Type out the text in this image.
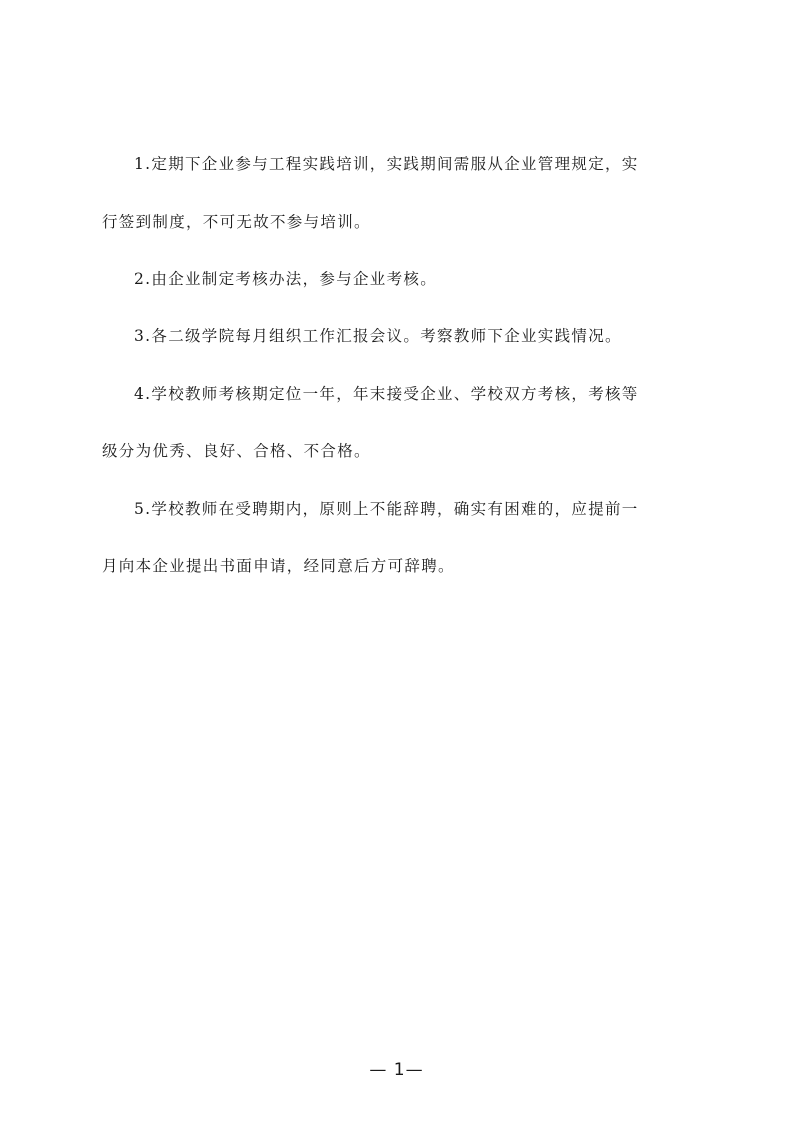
1.定期下企业参与工程实践培训，实践期间需服从企业管理规定，实
行签到制度，不可无故不参与培训。
2.由企业制定考核办法，参与企业考核。
3.各二级学院每月组织工作汇报会议。考察教师下企业实践情况。
4.学校教师考核期定位一年，年末接受企业、学校双方考核，考核等
级分为优秀、良好、合格、不合格。
5.学校教师在受聘期内，原则上不能辞聘，确实有困难的，应提前一
月向本企业提出书面申请，经同意后方可辞聘。
— 1—
